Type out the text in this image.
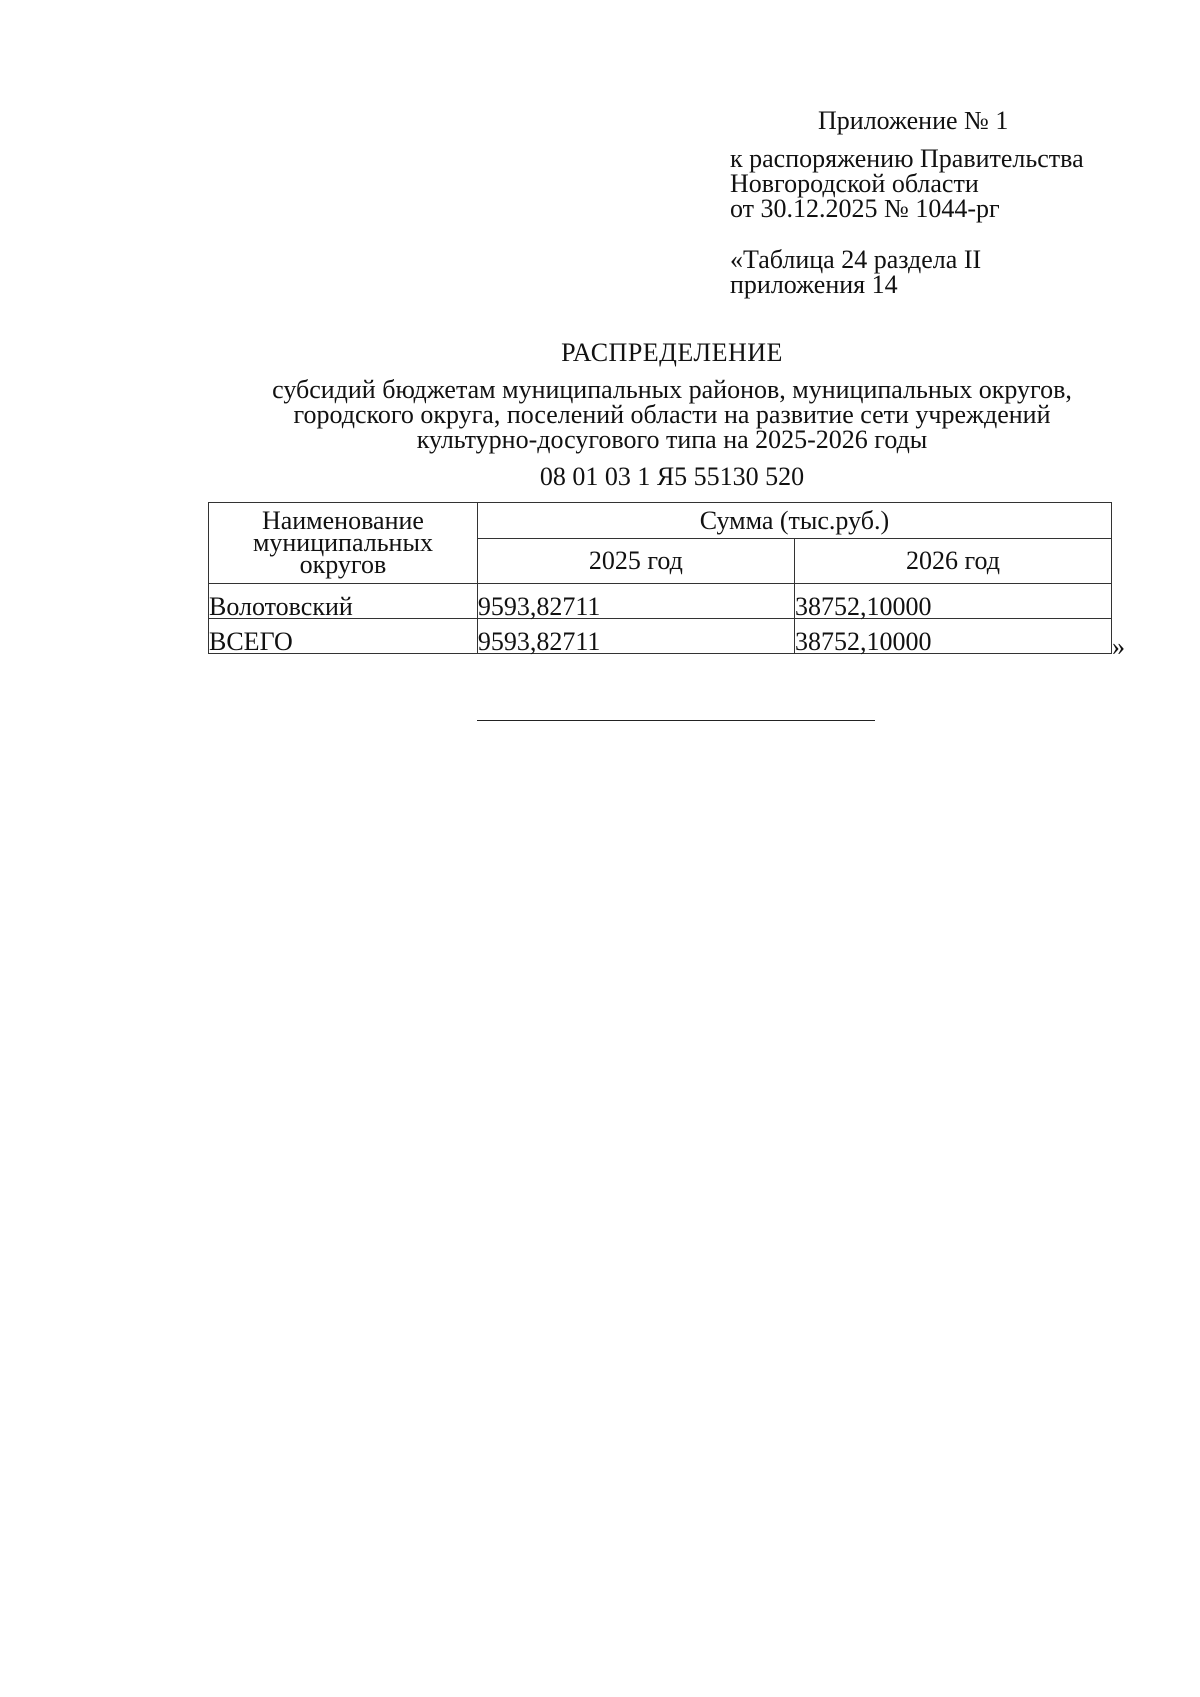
Приложение № 1
к распоряжению Правительства
Новгородской области
от 30.12.2025 № 1044-рг
«Таблица 24 раздела II
приложения 14
РАСПРЕДЕЛЕНИЕ
субсидий бюджетам муниципальных районов, муниципальных округов,
городского округа, поселений области на развитие сети учреждений
культурно-досугового типа на 2025-2026 годы
08 01 03 1 Я5 55130 520
Наименование муниципальных округов	Сумма (тыс.руб.)	
	2025 год	2026 год
Волотовский	9593,82711	38752,10000
ВСЕГО	9593,82711	38752,10000	»
